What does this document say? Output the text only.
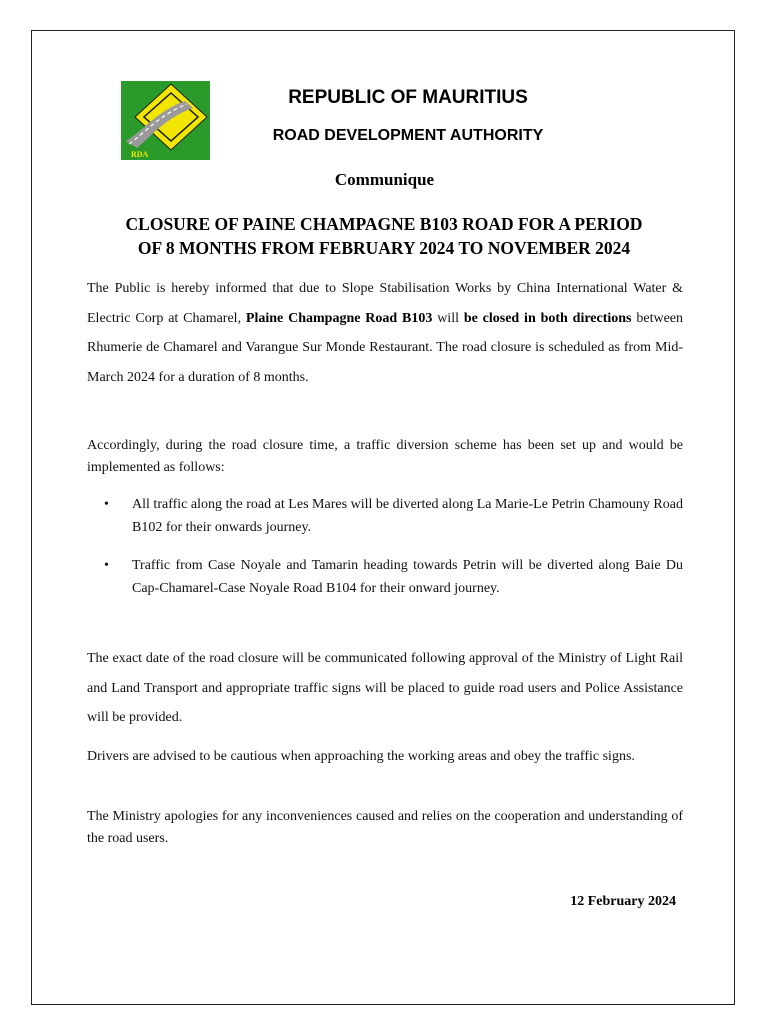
RDA
REPUBLIC OF MAURITIUS
ROAD DEVELOPMENT AUTHORITY
Communique
CLOSURE OF PAINE CHAMPAGNE B103 ROAD FOR A PERIOD
OF 8 MONTHS FROM FEBRUARY 2024 TO NOVEMBER 2024

The Public is hereby informed that due to Slope Stabilisation Works by China International Water & Electric Corp at Chamarel, Plaine Champagne Road B103 will be closed in both directions between Rhumerie de Chamarel and Varangue Sur Monde Restaurant. The road closure is scheduled as from Mid-March 2024 for a duration of 8 months.

Accordingly, during the road closure time, a traffic diversion scheme has been set up and would be implemented as follows:

• All traffic along the road at Les Mares will be diverted along La Marie-Le Petrin Chamouny Road B102 for their onwards journey.
• Traffic from Case Noyale and Tamarin heading towards Petrin will be diverted along Baie Du Cap-Chamarel-Case Noyale Road B104 for their onward journey.

The exact date of the road closure will be communicated following approval of the Ministry of Light Rail and Land Transport and appropriate traffic signs will be placed to guide road users and Police Assistance will be provided.

Drivers are advised to be cautious when approaching the working areas and obey the traffic signs.

The Ministry apologies for any inconveniences caused and relies on the cooperation and understanding of the road users.

12 February 2024
